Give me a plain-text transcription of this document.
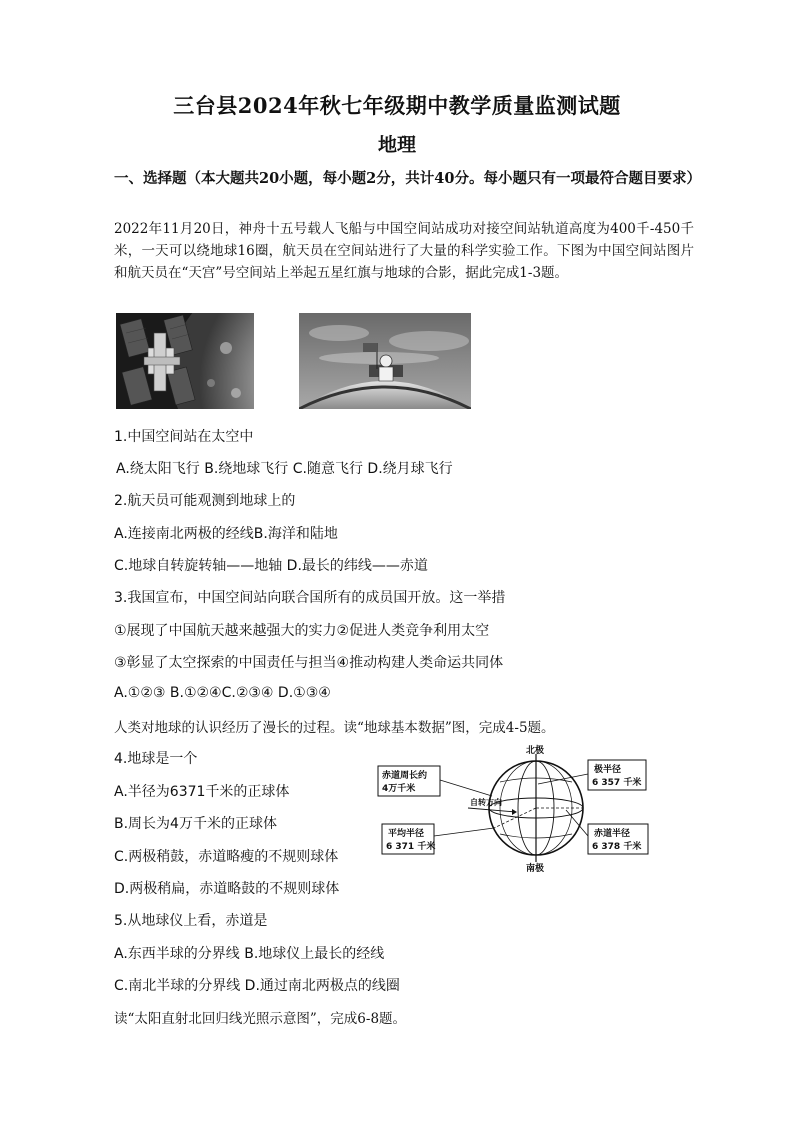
三台县2024年秋七年级期中教学质量监测试题
地理
一、选择题（本大题共20小题，每小题2分，共计40分。每小题只有一项最符合题目要求）
2022年11月20日，神舟十五号载人飞船与中国空间站成功对接空间站轨道高度为400千-450千米，一天可以绕地球16圈，航天员在空间站进行了大量的科学实验工作。下图为中国空间站图片和航天员在“天宫”号空间站上举起五星红旗与地球的合影，据此完成1-3题。
1.中国空间站在太空中
A.绕太阳飞行 B.绕地球飞行 C.随意飞行 D.绕月球飞行
2.航天员可能观测到地球上的
A.连接南北两极的经线B.海洋和陆地
C.地球自转旋转轴——地轴 D.最长的纬线——赤道
3.我国宣布，中国空间站向联合国所有的成员国开放。这一举措
①展现了中国航天越来越强大的实力②促进人类竞争利用太空
③彰显了太空探索的中国责任与担当④推动构建人类命运共同体
A.①②③ B.①②④C.②③④ D.①③④
人类对地球的认识经历了漫长的过程。读“地球基本数据”图，完成4-5题。
4.地球是一个
A.半径为6371千米的正球体
B.周长为4万千米的正球体
C.两极稍鼓，赤道略瘦的不规则球体
D.两极稍扁，赤道略鼓的不规则球体
5.从地球仪上看，赤道是
A.东西半球的分界线 B.地球仪上最长的经线
C.南北半球的分界线 D.通过南北两极点的线圈
读“太阳直射北回归线光照示意图”，完成6-8题。
北极
南极
赤道周长约
4万千米
自转方向
平均半径
6 371 千米
极半径
6 357 千米
赤道半径
6 378 千米
